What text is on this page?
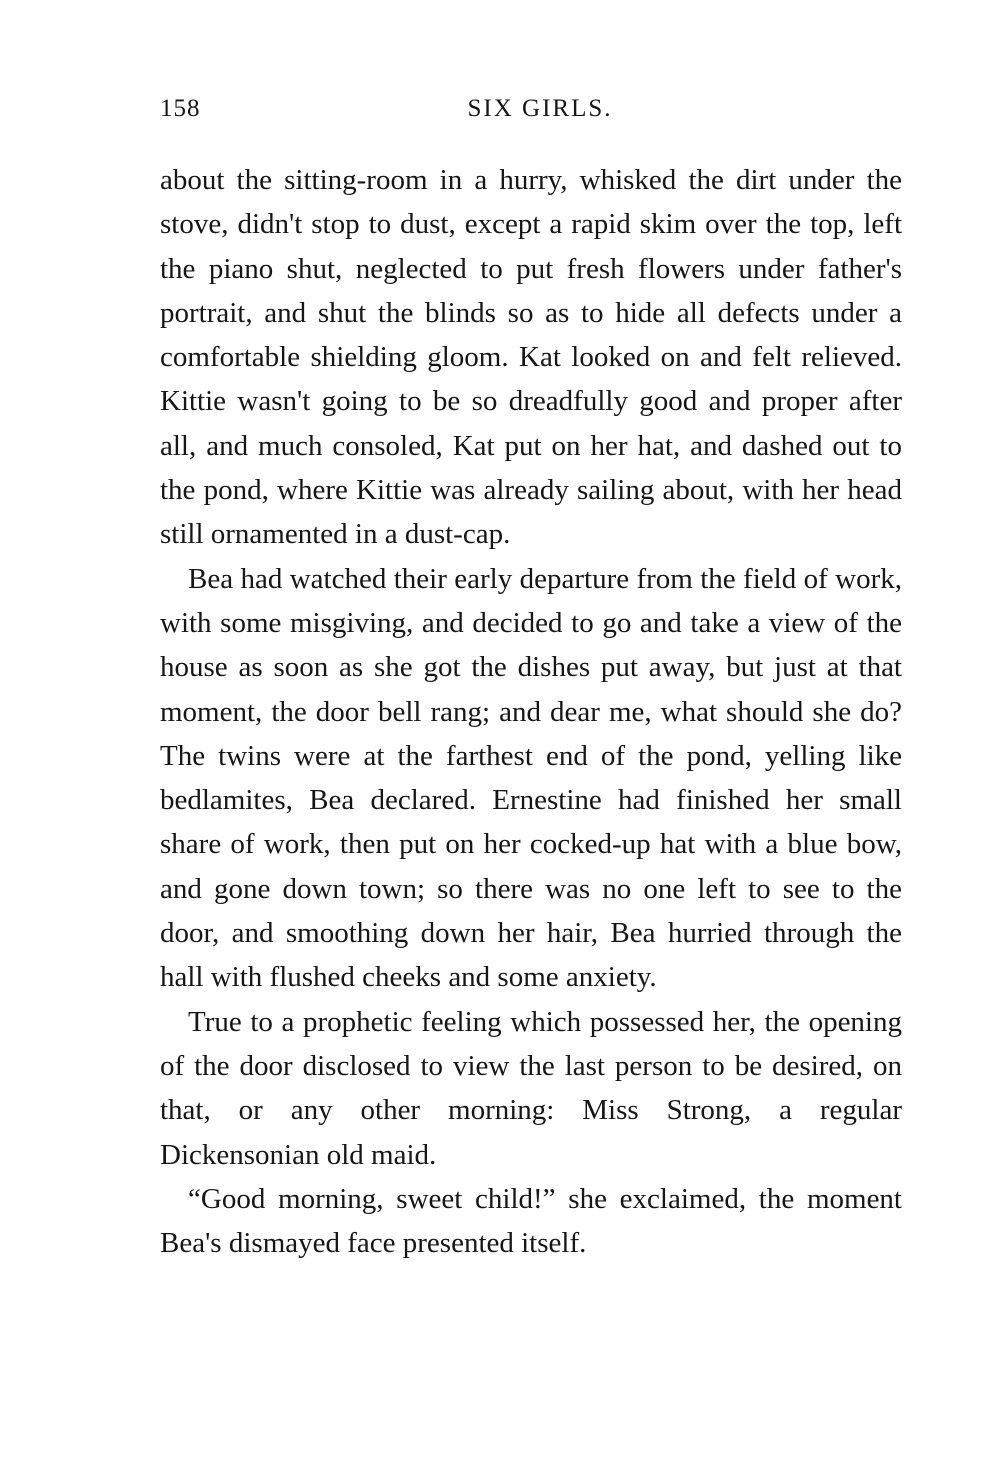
158	SIX GIRLS.

about the sitting-room in a hurry, whisked the dirt under the stove, didn't stop to dust, except a rapid skim over the top, left the piano shut, neglected to put fresh flowers under father's portrait, and shut the blinds so as to hide all defects under a comfortable shielding gloom. Kat looked on and felt relieved. Kittie wasn't going to be so dreadfully good and proper after all, and much consoled, Kat put on her hat, and dashed out to the pond, where Kittie was already sailing about, with her head still ornamented in a dust-cap.

Bea had watched their early departure from the field of work, with some misgiving, and decided to go and take a view of the house as soon as she got the dishes put away, but just at that moment, the door bell rang; and dear me, what should she do? The twins were at the farthest end of the pond, yelling like bedlamites, Bea declared. Ernestine had finished her small share of work, then put on her cocked-up hat with a blue bow, and gone down town; so there was no one left to see to the door, and smoothing down her hair, Bea hurried through the hall with flushed cheeks and some anxiety.

True to a prophetic feeling which possessed her, the opening of the door disclosed to view the last person to be desired, on that, or any other morning: Miss Strong, a regular Dickensonian old maid.

“Good morning, sweet child!” she exclaimed, the moment Bea's dismayed face presented itself.
